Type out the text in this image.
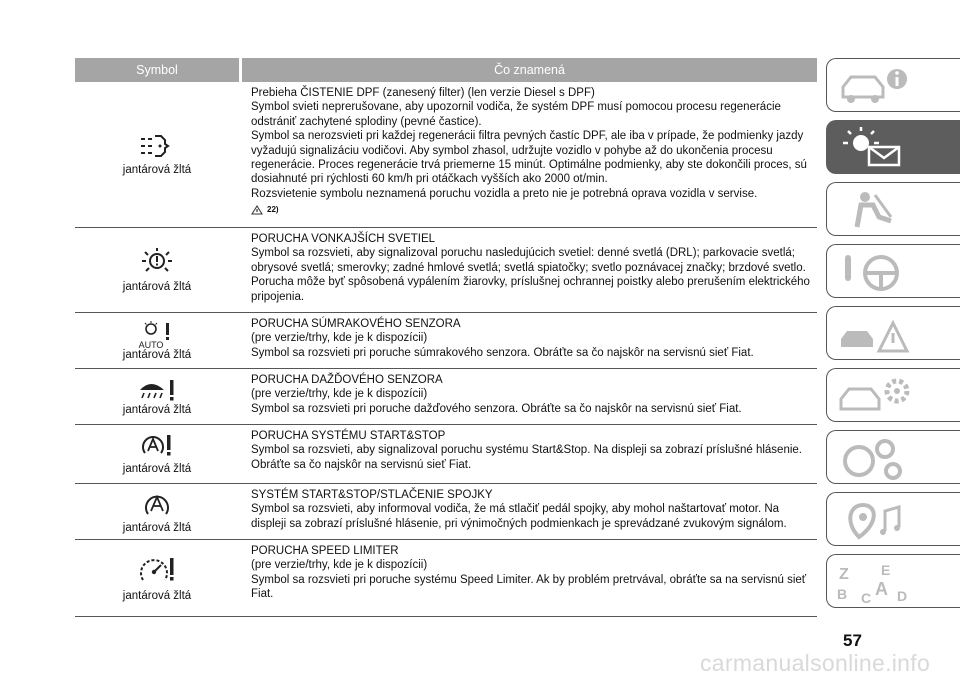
Symbol	Čo znamená
jantárová žltá

Prebieha ČISTENIE DPF (zanesený filter) (len verzie Diesel s DPF)

Symbol svieti neprerušovane, aby upozornil vodiča, že systém DPF musí pomocou procesu regenerácie odstrániť zachytené splodiny (pevné častice).

Symbol sa nerozsvieti pri každej regenerácii filtra pevných častíc DPF, ale iba v prípade, že podmienky jazdy vyžadujú signalizáciu vodičovi. Aby symbol zhasol, udržujte vozidlo v pohybe až do ukončenia procesu regenerácie. Proces regenerácie trvá priemerne 15 minút. Optimálne podmienky, aby ste dokončili proces, sú dosiahnuté pri rýchlosti 60 km/h pri otáčkach vyšších ako 2000 ot/min.

Rozsvietenie symbolu neznamená poruchu vozidla a preto nie je potrebná oprava vozidla v servise.

22)
jantárová žltá

PORUCHA VONKAJŠÍCH SVETIEL

Symbol sa rozsvieti, aby signalizoval poruchu nasledujúcich svetiel: denné svetlá (DRL); parkovacie svetlá; obrysové svetlá; smerovky; zadné hmlové svetlá; svetlá spiatočky; svetlo poznávacej značky; brzdové svetlo. Porucha môže byť spôsobená vypálením žiarovky, príslušnej ochrannej poistky alebo prerušením elektrického pripojenia.

AUTO
jantárová žltá

PORUCHA SÚMRAKOVÉHO SENZORA

(pre verzie/trhy, kde je k dispozícii)

Symbol sa rozsvieti pri poruche súmrakového senzora. Obráťte sa čo najskôr na servisnú sieť Fiat.

jantárová žltá

PORUCHA DAŽĎOVÉHO SENZORA

(pre verzie/trhy, kde je k dispozícii)

Symbol sa rozsvieti pri poruche dažďového senzora. Obráťte sa čo najskôr na servisnú sieť Fiat.

jantárová žltá

PORUCHA SYSTÉMU START&STOP

Symbol sa rozsvieti, aby signalizoval poruchu systému Start&Stop. Na displeji sa zobrazí príslušné hlásenie. Obráťte sa čo najskôr na servisnú sieť Fiat.

jantárová žltá

SYSTÉM START&STOP/STLAČENIE SPOJKY

Symbol sa rozsvieti, aby informoval vodiča, že má stlačiť pedál spojky, aby mohol naštartovať motor. Na displeji sa zobrazí príslušné hlásenie, pri výnimočných podmienkach je sprevádzané zvukovým signálom.

jantárová žltá

PORUCHA SPEED LIMITER

(pre verzie/trhy, kde je k dispozícii)

Symbol sa rozsvieti pri poruche systému Speed Limiter. Ak by problém pretrvával, obráťte sa na servisnú sieť Fiat.

Z E
B C A D
57
carmanualsonline.info
